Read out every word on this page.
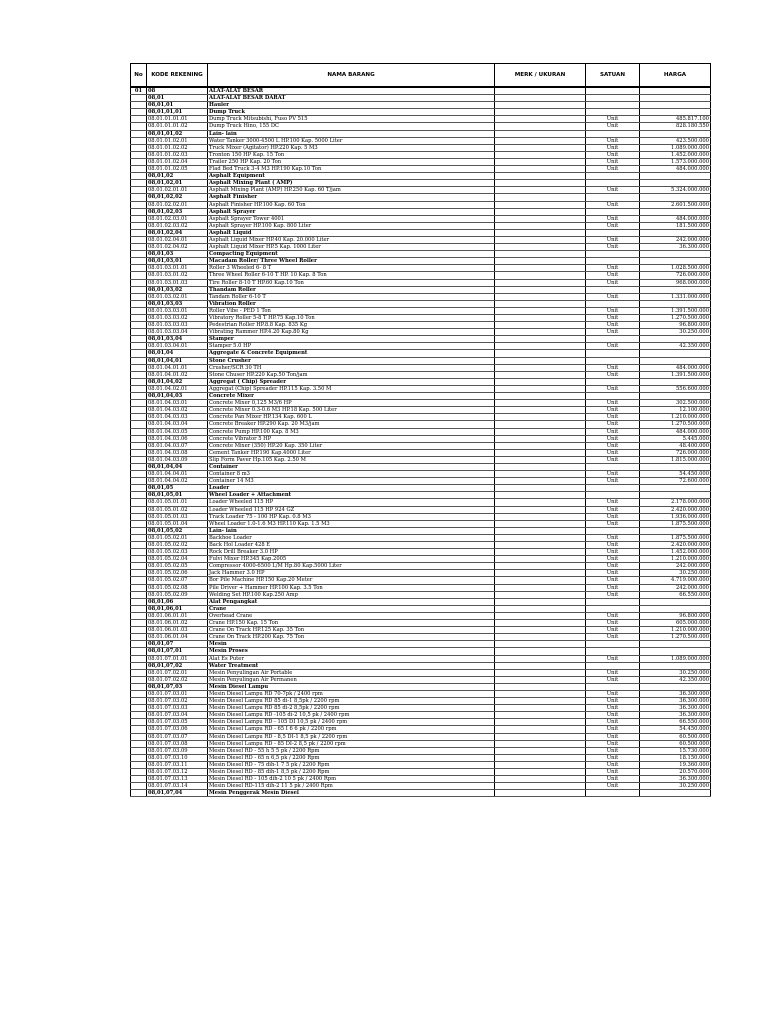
No	KODE REKENING	NAMA BARANG	MERK / UKURAN	SATUAN	HARGA
01	08	ALAT-ALAT BESAR			
	08,01	ALAT-ALAT BESAR DARAT			
	08,01,01	Hauler			
	08,01,01,01	Dump Truck			
	08.01.01.01.01	Dump Truck Mitsubishi, Fuso PV 515		Unit	485.817.100
	08.01.01.01.02	Dump Truck Hino, 155 DC		Unit	828.180.550
	08,01,01,02	Lain- lain			
	08.01.01.02.01	Water Tanker 3000-4500 L HP.100 Kap. 5000 Liter		Unit	423.500.000
	08.01.01.02.02	Truck Mixer (Agitator) HP.220 Kap. 5 M3		Unit	1.089.000.000
	08.01.01.02.03	Tronton 150 HP Kap. 15 Ton		Unit	1.452.000.000
	08.01.01.02.04	Trailer 250 HP Kap. 20 Ton		Unit	1.573.000.000
	08.01.01.02.05	Flad Bed Truck 3-4 M3 HP.190 Kap.10 Ton		Unit	484.000.000
	08,01,02	Asphalt Equipment			
	08,01,02,01	Asphalt Mixing Plant ( AMP)			
	08.01.02.01.01	Asphalt Mixing Plant (AMP) HP.250 Kap. 60 T/jam		Unit	5.324.000.000
	08,01,02,02	Asphalt Finisher			
	08.01.02.02.01	Asphalt Finisher HP.100 Kap. 60 Ton		Unit	2.601.500.000
	08,01,02,03	Asphalt Sprayer			
	08.01.02.03.01	Asphalt Sprayer Tower 4001		Unit	484.000.000
	08.01.02.03.02	Asphalt Sprayer HP.100 Kap. 800 Liter		Unit	181.500.000
	08,01,02,04	Asphalt Liquid			
	08.01.02.04.01	Asphalt Liquid Mixer HP.40 Kap. 20.000 Liter		Unit	242.000.000
	08.01.02.04.02	Asphalt Liquid Mixer HP.5 Kap. 1000 Liter		Unit	36.300.000
	08,01,03	Compacting Equipment			
	08,01,03,01	Macadam Roller/ Three Wheel Roller			
	08.01.03.01.01	Roller 3 Wheeled 6- 8 T		Unit	1.028.500.000
	08.01.03.01.02	Three Wheel Roller 6-10 T HP. 10 Kap. 8 Ton		Unit	726.000.000
	08.01.03.01.03	Tire Roller 8-10 T HP.60 Kap.10 Ton		Unit	968.000.000
	08,01,03,02	Thandam Roller			
	08.01.03.02.01	Tandam Roller 6-10 T		Unit	1.331.000.000
	08,01,03,03	Vibration Roller			
	08.01.03.03.01	Roller Vibe - PED 1 Ton		Unit	1.391.500.000
	08.01.03.03.02	Vibratory Roller 5-8 T HP.75 Kap.10 Ton		Unit	1.270.500.000
	08.01.03.03.03	Pedestrian Roller HP.8.8 Kap. 835 Kg		Unit	96.800.000
	08.01.03.03.04	Vibrating Rammer HP.4.20 Kap.80 Kg		Unit	30.250.000
	08,01,03,04	Stamper			
	08.01.03.04.01	Stamper 5.0 HP		Unit	42.350.000
	08,01,04	Aggregate & Concrete Equipment			
	08,01,04,01	Stone Crusher			
	08.01.04.01.01	Crusher/SCR 30 TH		Unit	484.000.000
	08.01.04.01.02	Stone Chuser HP.220 Kap.50 Ton/jam		Unit	1.391.500.000
	08,01,04,02	Aggregat ( Chip) Spreader			
	08.01.04.02.01	Aggregat (Chip) Spreader HP.115 Kap. 3.50 M		Unit	556.600.000
	08,01,04,03	Concrete Mixer			
	08.01.04.03.01	Concrete Mixer 0,125 M3/6 HP		Unit	302.500.000
	08.01.04.03.02	Concrete Mixer 0.3-0.6 M3 HP.18 Kap. 500 Liter		Unit	12.100.000
	08.01.04.03.03	Concrete Pan Mixer HP.134 Kap. 600 L		Unit	1.210.000.000
	08.01.04.03.04	Concrete Breaker HP.290 Kap. 20 M3/jam		Unit	1.270.500.000
	08.01.04.03.05	Concrete Pump HP.100 Kap. 8 M3		Unit	484.000.000
	08.01.04.03.06	Concrete Vibrator 5 HP		Unit	5.445.000
	08.01.04.03.07	Concrete Mixer (350) HP.20 Kap. 350 Liter		Unit	48.400.000
	08.01.04.03.08	Cement Tanker HP.190 Kap.4000 Liter		Unit	726.000.000
	08.01.04.03.09	Slip Form Paver Hp.105 Kap. 2.50 M		Unit	1.815.000.000
	08,01,04,04	Container			
	08.01.04.04.01	Container 8 m3		Unit	54.450.000
	08.01.04.04.02	Container 14 M3		Unit	72.600.000
	08,01,05	Loader			
	08,01,05,01	Wheel Loader + Attachment			
	08.01.05.01.01	Loader Wheeled 115 HP		Unit	2.178.000.000
	08.01.05.01.02	Loader Wheeled 115 HP 924 GZ		Unit	2.420.000.000
	08.01.05.01.03	Track Loader 75 - 100 HP Kap. 0.8 M3		Unit	1.936.000.000
	08.01.05.01.04	Wheel Loader 1.0-1.6 M3 HP.110 Kap. 1.5 M3		Unit	1.875.500.000
	08,01,05,02	Lain- lain			
	08.01.05.02.01	Backhoe Loader		Unit	1.875.500.000
	08.01.05.02.02	Back Hol Loader 428 E		Unit	2.420.000.000
	08.01.05.02.03	Rock Drill Breaker 3.0 HP		Unit	1.452.000.000
	08.01.05.02.04	Fulvi Mixer HP.345 Kap.2005		Unit	1.210.000.000
	08.01.05.02.05	Compressor 4000-6500 L/M Hp.80 Kap.5000 Liter		Unit	242.000.000
	08.01.05.02.06	Jack Hammer 3.0 HP		Unit	30.250.000
	08.01.05.02.07	Bor Pile Machine HP.150 Kap.20 Meter		Unit	4.719.000.000
	08.01.05.02.08	Pile Driver + Hammer HP.100 Kap. 3.5 Ton		Unit	242.000.000
	08.01.05.02.09	Welding Set HP.100 Kap.250 Amp		Unit	66.550.000
	08,01,06	Alat Pengangkat			
	08,01,06,01	Crane			
	08.01.06.01.01	Overhead Crane		Unit	96.800.000
	08.01.06.01.02	Crane HP.150 Kap. 15 Ton		Unit	605.000.000
	08.01.06.01.03	Crane On Track HP.125 Kap. 35 Ton		Unit	1.210.000.000
	08.01.06.01.04	Crane On Track HP.200 Kap. 75 Ton		Unit	1.270.500.000
	08,01,07	Mesin			
	08,01,07,01	Mesin Proses			
	08.01.07.01.01	Alat Es Puter		Unit	1.089.000.000
	08,01,07,02	Water Treatment			
	08.01.07.02.01	Mesin Penyulingan Air Portable		Unit	30.250.000
	08.01.07.02.02	Mesin Penyulingan Air Permanen		Unit	42.350.000
	08,01,07,03	Mesin Diesel Lampu			
	08.01.07.03.01	Mesin Diesel Lampu RD 70-7pk / 2400 rpm		Unit	36.300.000
	08.01.07.03.02	Mesin Diesel Lampu RD 85 di-1 8,5pk / 2200 rpm		Unit	36.300.000
	08.01.07.03.03	Mesin Diesel Lampu RD 85 di-2 8,5pk / 2200 rpm		Unit	36.300.000
	08.01.07.03.04	Mesin Diesel Lampu RD -105 di-2 10,5 pk / 2400 rpm		Unit	36.300.000
	08.01.07.03.05	Mesin Diesel Lampu RD - 105 DI 10,5 pk / 2400 rpm		Unit	66.550.000
	08.01.07.03.06	Mesin Diesel Lampu RD - 65 I 6 6 pk / 2200 rpm		Unit	54.450.000
	08.01.07.03.07	Mesin Diesel Lampu RD - 8,5 DI-1 8,5 pk / 2200 rpm		Unit	60.500.000
	08.01.07.03.08	Mesin Diesel Lampu RD - 85 DI-2 8,5 pk / 2200 rpm		Unit	60.500.000
	08.01.07.03.09	Mesin Diesel RD - 55 h 5 5 pk / 2200 Rpm		Unit	15.730.000
	08.01.07.03.10	Mesin Diesel RD - 65 n 6,5 pk / 2200 Rpm		Unit	18.150.000
	08.01.07.03.11	Mesin Diesel RD - 75 dih-1 7 5 pk / 2200 Rpm		Unit	19.360.000
	08.01.07.03.12	Mesin Diesel RD - 85 dih-1 8,5 pk / 2200 Rpm		Unit	20.570.000
	08.01.07.03.13	Mesin Diesel RD - 105 dih-2 10 5 pk / 2400 Rpm		Unit	36.300.000
	08.01.07.03.14	Mesin Diesel RD-115 dih-2 11 5 pk / 2400 Rpm		Unit	30.250.000
	08,01,07,04	Mesin Penggerak Mesin Diesel			
